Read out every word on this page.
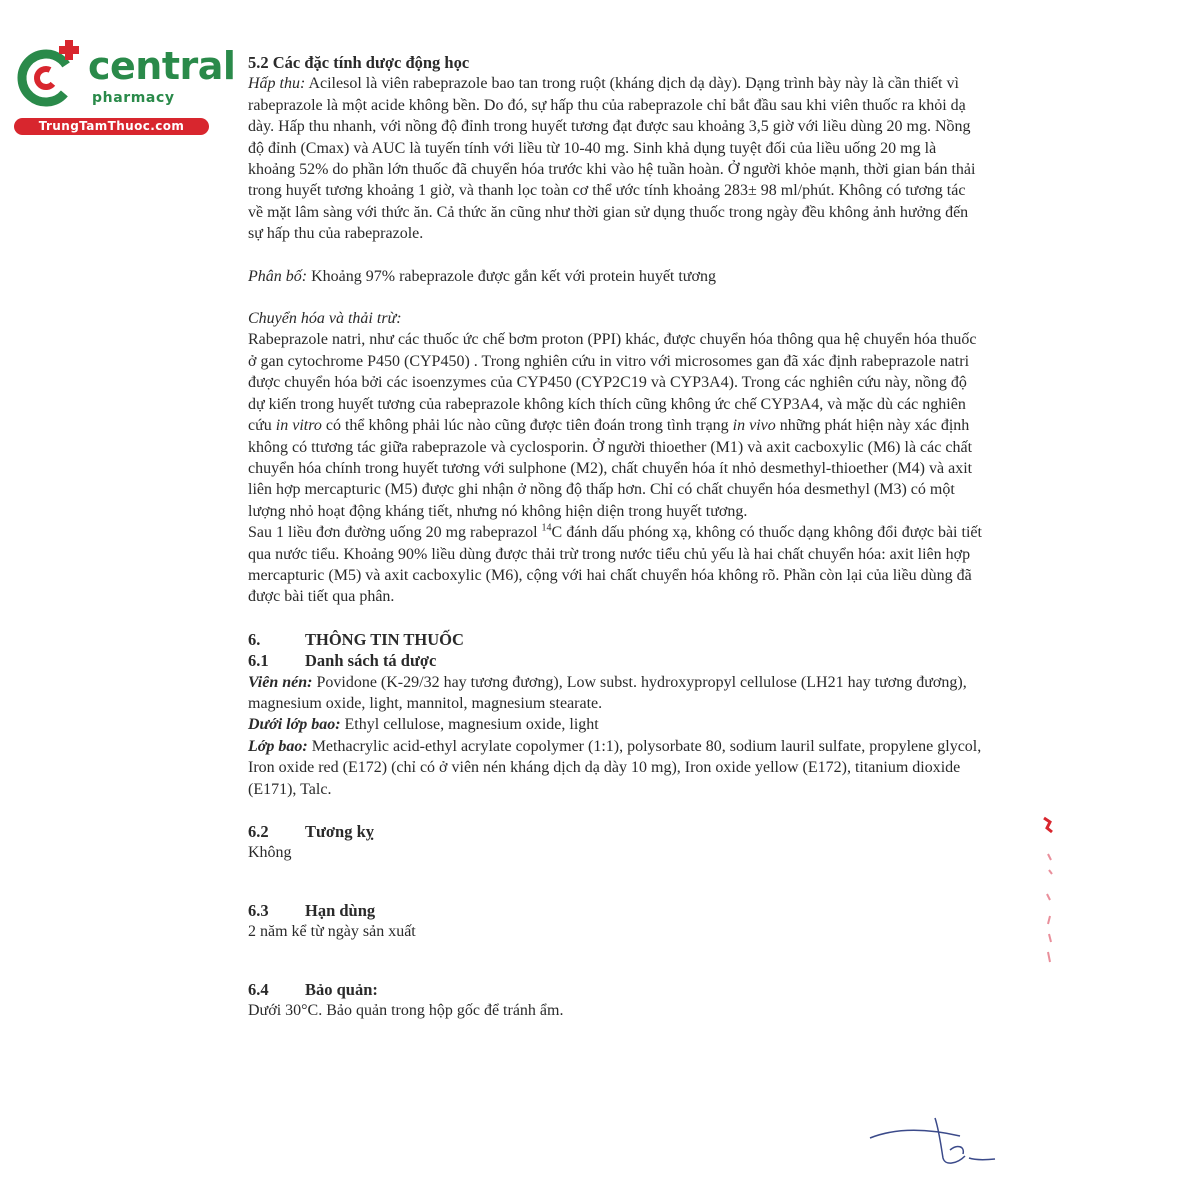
central
pharmacy
TrungTamThuoc.com

5.2 Các đặc tính dược động học

Hấp thu: Acilesol là viên rabeprazole bao tan trong ruột (kháng dịch dạ dày). Dạng trình bày này là cần thiết vì rabeprazole là một acide không bền. Do đó, sự hấp thu của rabeprazole chỉ bắt đầu sau khi viên thuốc ra khỏi dạ dày. Hấp thu nhanh, với nồng độ đỉnh trong huyết tương đạt được sau khoảng 3,5 giờ với liều dùng 20 mg. Nồng độ đỉnh (Cmax) và AUC là tuyến tính với liều từ 10-40 mg. Sinh khả dụng tuyệt đối của liều uống 20 mg là khoảng 52% do phần lớn thuốc đã chuyển hóa trước khi vào hệ tuần hoàn. Ở người khỏe mạnh, thời gian bán thải trong huyết tương khoảng 1 giờ, và thanh lọc toàn cơ thể ước tính khoảng 283± 98 ml/phút. Không có tương tác về mặt lâm sàng với thức ăn. Cả thức ăn cũng như thời gian sử dụng thuốc trong ngày đều không ảnh hưởng đến sự hấp thu của rabeprazole.

Phân bố: Khoảng 97% rabeprazole được gắn kết với protein huyết tương

Chuyển hóa và thải trừ:

Rabeprazole natri, như các thuốc ức chế bơm proton (PPI) khác, được chuyển hóa thông qua hệ chuyển hóa thuốc ở gan cytochrome P450 (CYP450) . Trong nghiên cứu in vitro với microsomes gan đã xác định rabeprazole natri được chuyển hóa bởi các isoenzymes của CYP450 (CYP2C19 và CYP3A4). Trong các nghiên cứu này, nồng độ dự kiến trong huyết tương của rabeprazole không kích thích cũng không ức chế CYP3A4, và mặc dù các nghiên cứu in vitro có thể không phải lúc nào cũng được tiên đoán trong tình trạng in vivo những phát hiện này xác định không có ttương tác giữa rabeprazole và cyclosporin. Ở người thioether (M1) và axit cacboxylic (M6) là các chất chuyển hóa chính trong huyết tương với sulphone (M2), chất chuyển hóa ít nhỏ desmethyl-thioether (M4) và axit liên hợp mercapturic (M5) được ghi nhận ở nồng độ thấp hơn. Chỉ có chất chuyển hóa desmethyl (M3) có một lượng nhỏ hoạt động kháng tiết, nhưng nó không hiện diện trong huyết tương.

Sau 1 liều đơn đường uống 20 mg rabeprazol $^{14}$C đánh dấu phóng xạ, không có thuốc dạng không đổi được bài tiết qua nước tiểu. Khoảng 90% liều dùng được thải trừ trong nước tiểu chủ yếu là hai chất chuyển hóa: axit liên hợp mercapturic (M5) và axit cacboxylic (M6), cộng với hai chất chuyển hóa không rõ. Phần còn lại của liều dùng đã được bài tiết qua phân.

6.	THÔNG TIN THUỐC
6.1	Danh sách tá dược

Viên nén: Povidone (K-29/32 hay tương đương), Low subst. hydroxypropyl cellulose (LH21 hay tương đương), magnesium oxide, light, mannitol, magnesium stearate.

Dưới lớp bao: Ethyl cellulose, magnesium oxide, light

Lớp bao: Methacrylic acid-ethyl acrylate copolymer (1:1), polysorbate 80, sodium lauril sulfate, propylene glycol, Iron oxide red (E172) (chỉ có ở viên nén kháng dịch dạ dày 10 mg), Iron oxide yellow (E172), titanium dioxide (E171), Talc.

6.2	Tương kỵ

Không

6.3	Hạn dùng

2 năm kể từ ngày sản xuất

6.4	Bảo quản:

Dưới 30°C. Bảo quản trong hộp gốc để tránh ẩm.
